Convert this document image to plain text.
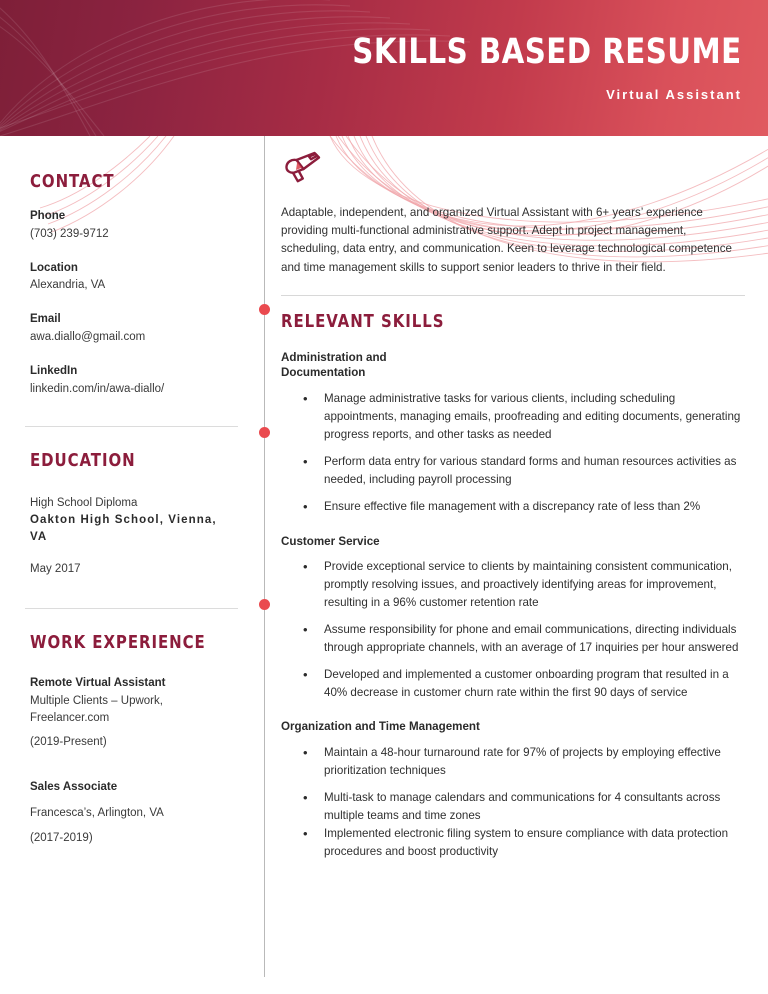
SKILLS BASED RESUME
Virtual Assistant
CONTACT
Phone
(703) 239-9712
Location
Alexandria, VA
Email
awa.diallo@gmail.com
LinkedIn
linkedin.com/in/awa-diallo/
EDUCATION
High School Diploma
Oakton High School, Vienna, VA
May 2017
WORK EXPERIENCE
Remote Virtual Assistant
Multiple Clients – Upwork, Freelancer.com
(2019-Present)
Sales Associate
Francesca’s, Arlington, VA
(2017-2019)
Adaptable, independent, and organized Virtual Assistant with 6+ years’ experience providing multi-functional administrative support. Adept in project management, scheduling, data entry, and communication. Keen to leverage technological competence and time management skills to support senior leaders to thrive in their field.
RELEVANT SKILLS
Administration and Documentation
• Manage administrative tasks for various clients, including scheduling appointments, managing emails, proofreading and editing documents, generating progress reports, and other tasks as needed
• Perform data entry for various standard forms and human resources activities as needed, including payroll processing
• Ensure effective file management with a discrepancy rate of less than 2%
Customer Service
• Provide exceptional service to clients by maintaining consistent communication, promptly resolving issues, and proactively identifying areas for improvement, resulting in a 96% customer retention rate
• Assume responsibility for phone and email communications, directing individuals through appropriate channels, with an average of 17 inquiries per hour answered
• Developed and implemented a customer onboarding program that resulted in a 40% decrease in customer churn rate within the first 90 days of service
Organization and Time Management
• Maintain a 48-hour turnaround rate for 97% of projects by employing effective prioritization techniques
• Multi-task to manage calendars and communications for 4 consultants across multiple teams and time zones
• Implemented electronic filing system to ensure compliance with data protection procedures and boost productivity
